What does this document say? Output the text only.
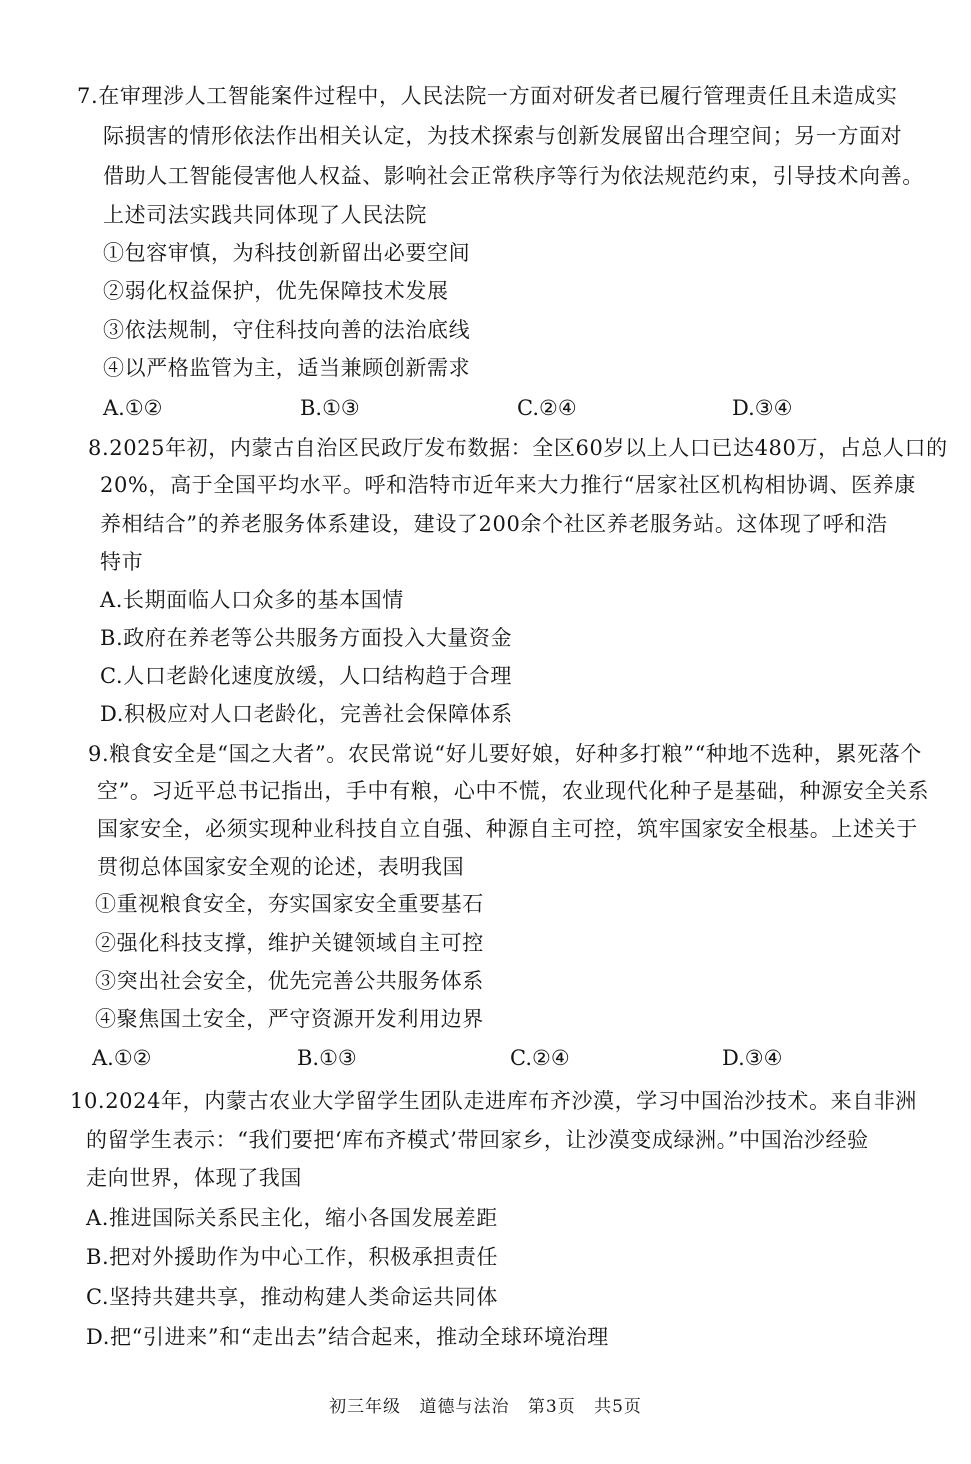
7.在审理涉人工智能案件过程中，人民法院一方面对研发者已履行管理责任且未造成实
际损害的情形依法作出相关认定，为技术探索与创新发展留出合理空间；另一方面对
借助人工智能侵害他人权益、影响社会正常秩序等行为依法规范约束，引导技术向善。
上述司法实践共同体现了人民法院
①包容审慎，为科技创新留出必要空间
②弱化权益保护，优先保障技术发展
③依法规制，守住科技向善的法治底线
④以严格监管为主，适当兼顾创新需求
A.①②	B.①③	C.②④	D.③④
8.2025年初，内蒙古自治区民政厅发布数据：全区60岁以上人口已达480万，占总人口的
20%，高于全国平均水平。呼和浩特市近年来大力推行“居家社区机构相协调、医养康
养相结合”的养老服务体系建设，建设了200余个社区养老服务站。这体现了呼和浩
特市
A.长期面临人口众多的基本国情
B.政府在养老等公共服务方面投入大量资金
C.人口老龄化速度放缓，人口结构趋于合理
D.积极应对人口老龄化，完善社会保障体系
9.粮食安全是“国之大者”。农民常说“好儿要好娘，好种多打粮”“种地不选种，累死落个
空”。习近平总书记指出，手中有粮，心中不慌，农业现代化种子是基础，种源安全关系
国家安全，必须实现种业科技自立自强、种源自主可控，筑牢国家安全根基。上述关于
贯彻总体国家安全观的论述，表明我国
①重视粮食安全，夯实国家安全重要基石
②强化科技支撑，维护关键领域自主可控
③突出社会安全，优先完善公共服务体系
④聚焦国土安全，严守资源开发利用边界
A.①②	B.①③	C.②④	D.③④
10.2024年，内蒙古农业大学留学生团队走进库布齐沙漠，学习中国治沙技术。来自非洲
的留学生表示：“我们要把‘库布齐模式’带回家乡，让沙漠变成绿洲。”中国治沙经验
走向世界，体现了我国
A.推进国际关系民主化，缩小各国发展差距
B.把对外援助作为中心工作，积极承担责任
C.坚持共建共享，推动构建人类命运共同体
D.把“引进来”和“走出去”结合起来，推动全球环境治理
初三年级 道德与法治 第3页 共5页
